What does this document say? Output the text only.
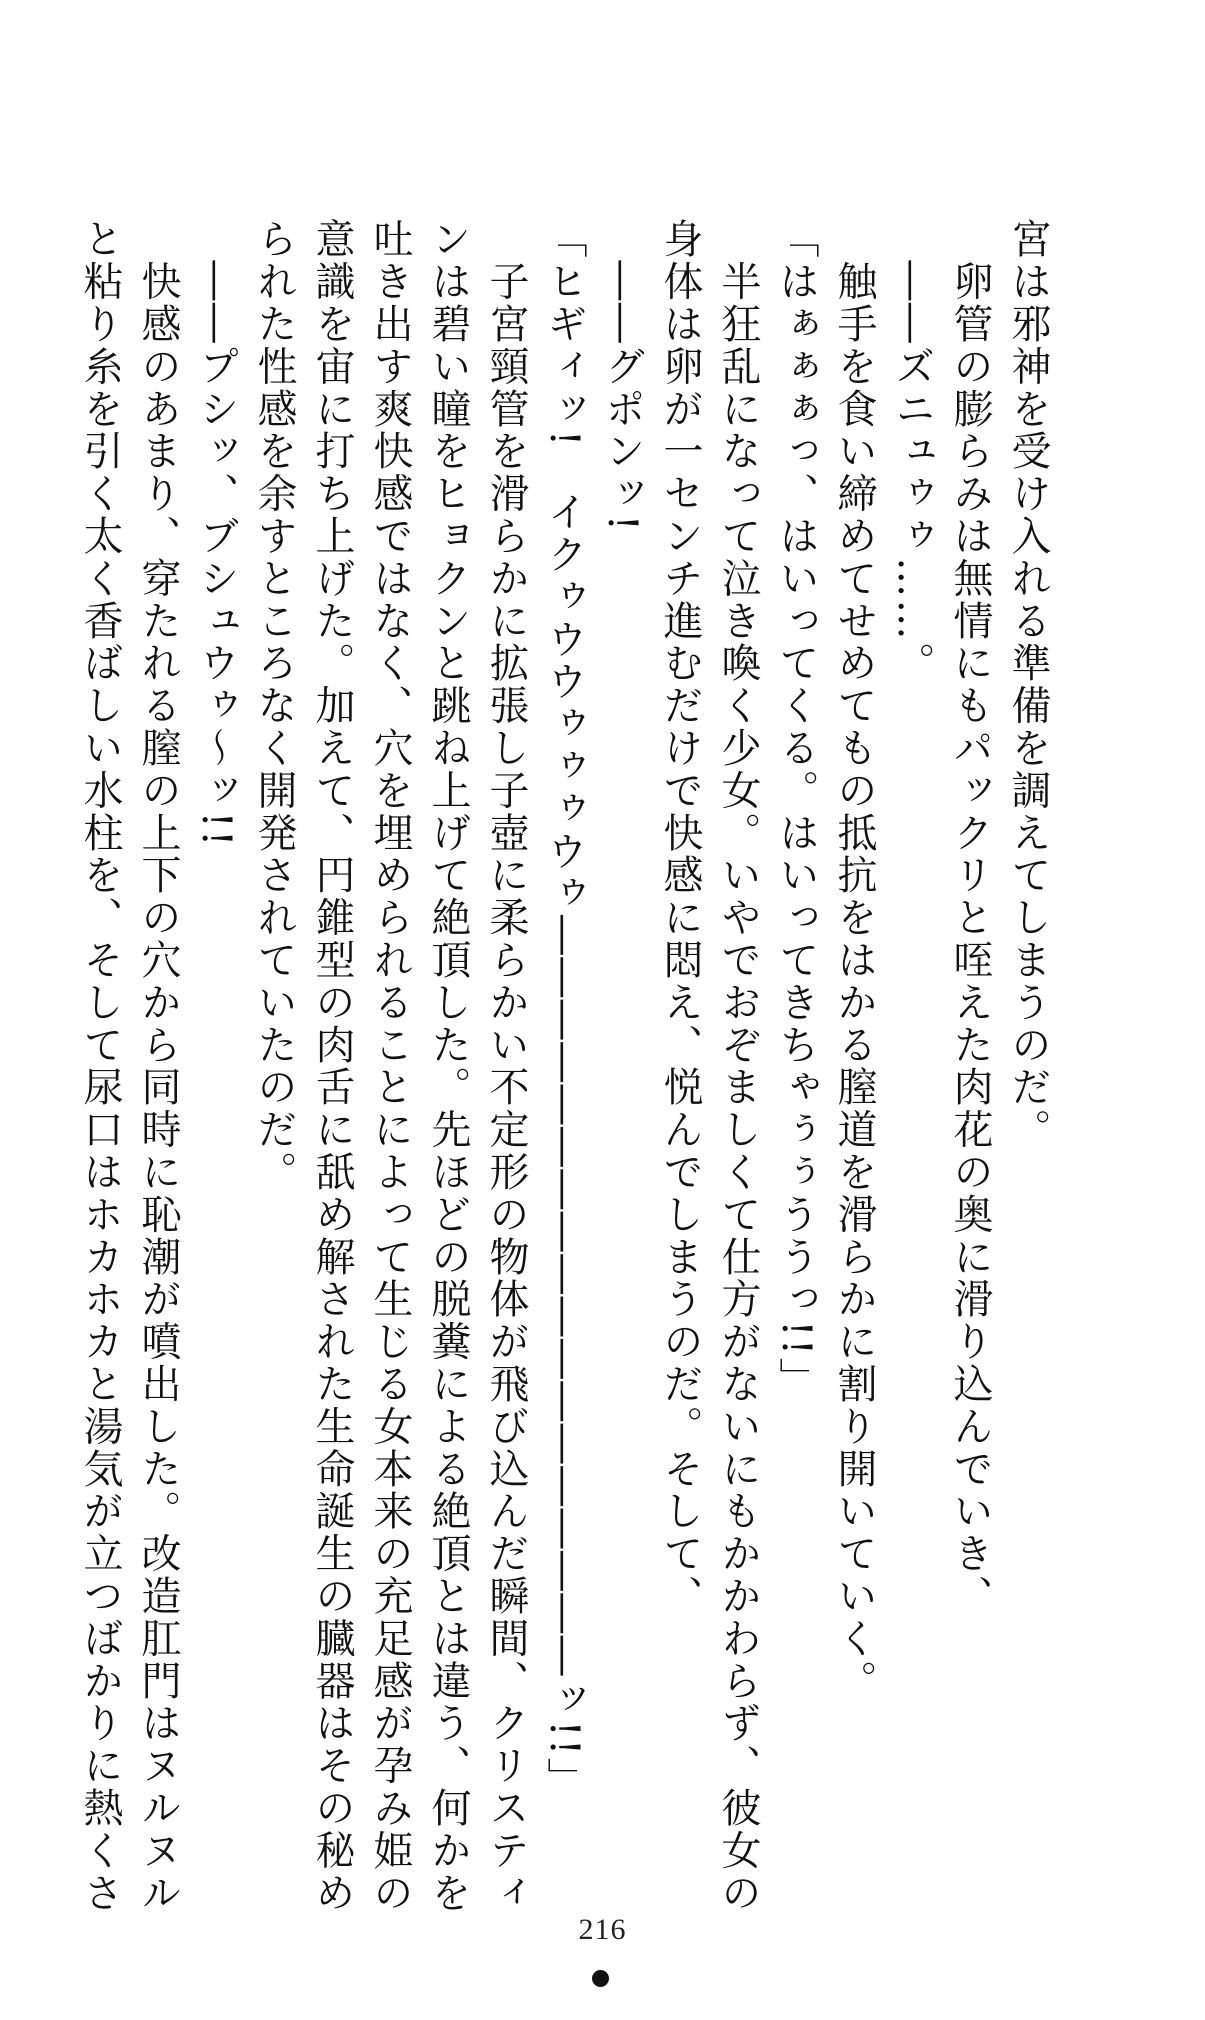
宮は邪神を受け入れる準備を調えてしまうのだ。
　卵管の膨らみは無情にもパックリと咥えた肉花の奥に滑り込んでいき、
　――ズニュゥゥ……。
　触手を食い締めてせめてもの抵抗をはかる膣道を滑らかに割り開いていく。
「はぁぁぁっ、はいってくる。はいってきちゃぅぅううっ!!」
　半狂乱になって泣き喚く少女。いやでおぞましくて仕方がないにもかかわらず、彼女の
身体は卵が一センチ進むだけで快感に悶え、悦んでしまうのだ。そして、
　――グポンッ!
「ヒギィッ!　イクゥウウゥゥゥウゥ――――――――――――――――――ッ!!」
　子宮頸管を滑らかに拡張し子壺に柔らかい不定形の物体が飛び込んだ瞬間、クリスティ
ンは碧い瞳をヒョクンと跳ね上げて絶頂した。先ほどの脱糞による絶頂とは違う、何かを
吐き出す爽快感ではなく、穴を埋められることによって生じる女本来の充足感が孕み姫の
意識を宙に打ち上げた。加えて、円錐型の肉舌に舐め解された生命誕生の臓器はその秘め
られた性感を余すところなく開発されていたのだ。
　――プシッ、ブシュウゥ〜ッ!!
　快感のあまり、穿たれる膣の上下の穴から同時に恥潮が噴出した。改造肛門はヌルヌル
と粘り糸を引く太く香ばしい水柱を、そして尿口はホカホカと湯気が立つばかりに熱くさ
216
